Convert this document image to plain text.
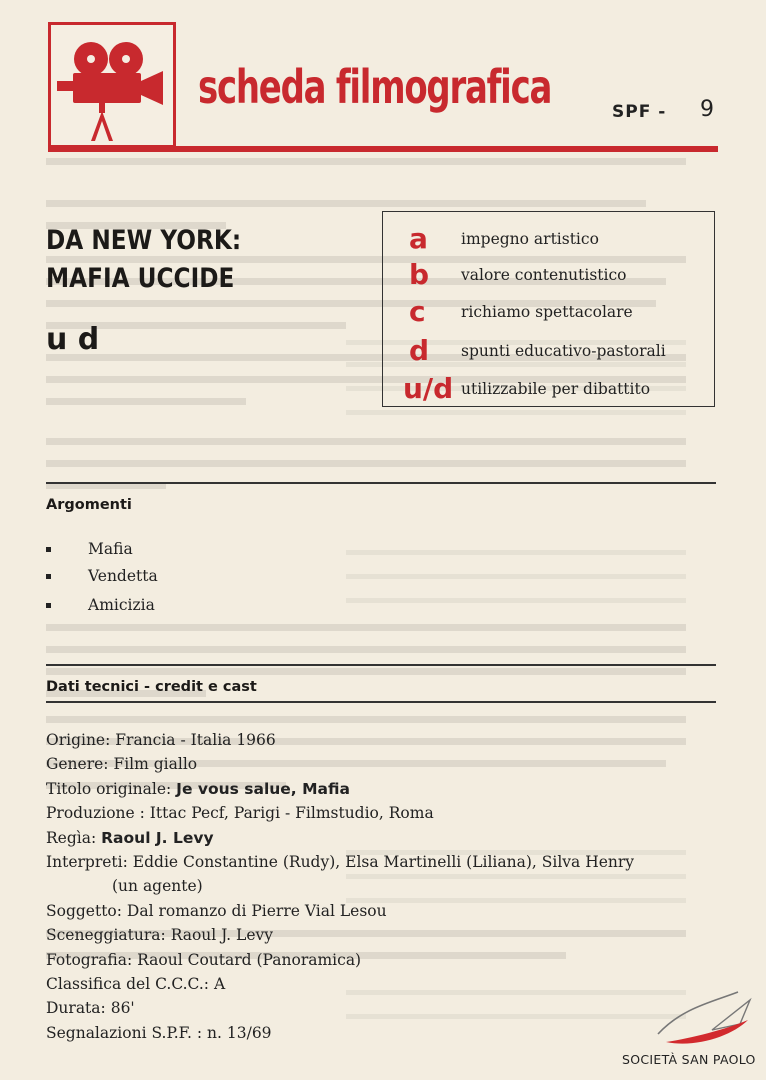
scheda filmografica	SPF - 9
DA NEW YORK:
MAFIA UCCIDE
u d
a impegno artistico
b valore contenutistico
c richiamo spettacolare
d spunti educativo-pastorali
u/d utilizzabile per dibattito
Argomenti
Mafia
Vendetta
Amicizia
Dati tecnici - credit e cast
Origine: Francia - Italia 1966
Genere: Film giallo
Titolo originale: Je vous salue, Mafia
Produzione : Ittac Pecf, Parigi - Filmstudio, Roma
Regìa: Raoul J. Levy
Interpreti: Eddie Constantine (Rudy), Elsa Martinelli (Liliana), Silva Henry
(un agente)
Soggetto: Dal romanzo di Pierre Vial Lesou
Sceneggiatura: Raoul J. Levy
Fotografia: Raoul Coutard (Panoramica)
Classifica del C.C.C.: A
Durata: 86'
Segnalazioni S.P.F. : n. 13/69
SOCIETÀ SAN PAOLO
